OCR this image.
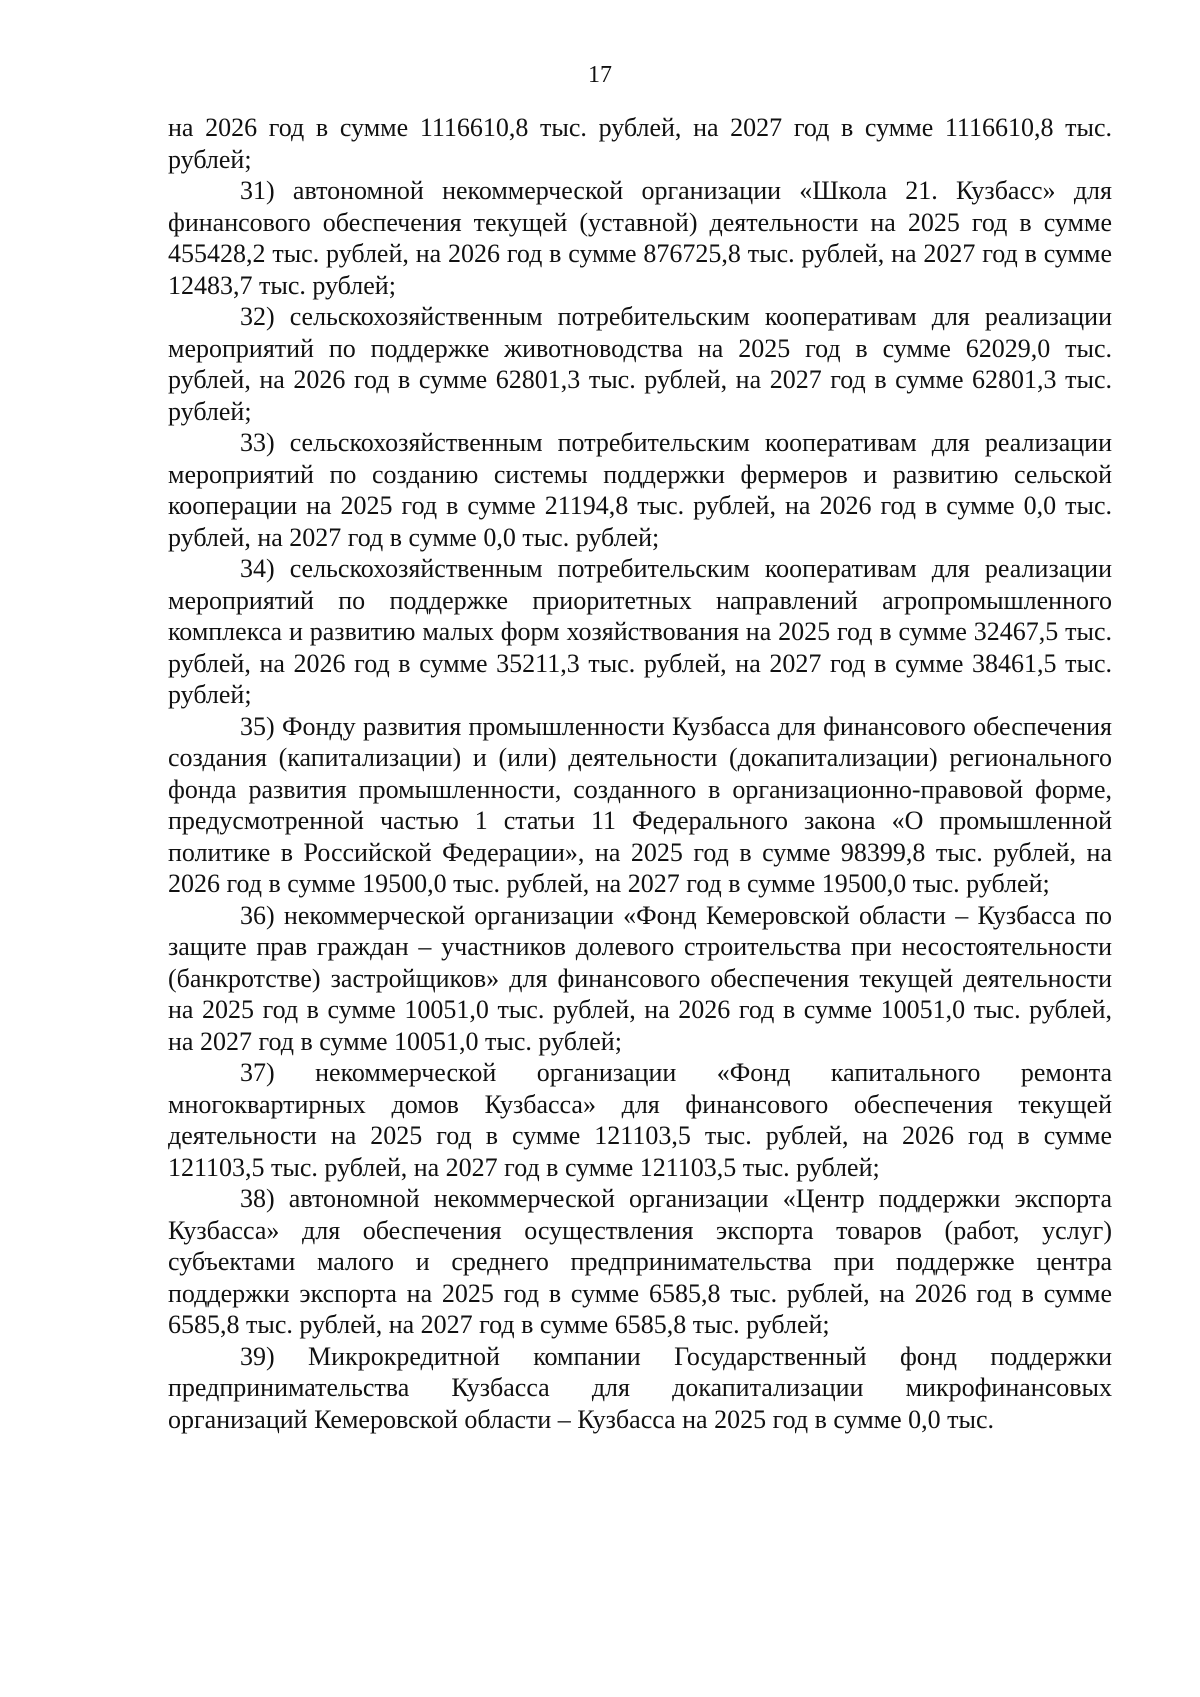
17

на 2026 год в сумме 1116610,8 тыс. рублей, на 2027 год в сумме 1116610,8 тыс. рублей;

31) автономной некоммерческой организации «Школа 21. Кузбасс» для финансового обеспечения текущей (уставной) деятельности на 2025 год в сумме 455428,2 тыс. рублей, на 2026 год в сумме 876725,8 тыс. рублей, на 2027 год в сумме 12483,7 тыс. рублей;

32) сельскохозяйственным потребительским кооперативам для реализации мероприятий по поддержке животноводства на 2025 год в сумме 62029,0 тыс. рублей, на 2026 год в сумме 62801,3 тыс. рублей, на 2027 год в сумме 62801,3 тыс. рублей;

33) сельскохозяйственным потребительским кооперативам для реализации мероприятий по созданию системы поддержки фермеров и развитию сельской кооперации на 2025 год в сумме 21194,8 тыс. рублей, на 2026 год в сумме 0,0 тыс. рублей, на 2027 год в сумме 0,0 тыс. рублей;

34) сельскохозяйственным потребительским кооперативам для реализации мероприятий по поддержке приоритетных направлений агропромышленного комплекса и развитию малых форм хозяйствования на 2025 год в сумме 32467,5 тыс. рублей, на 2026 год в сумме 35211,3 тыс. рублей, на 2027 год в сумме 38461,5 тыс. рублей;

35) Фонду развития промышленности Кузбасса для финансового обеспечения создания (капитализации) и (или) деятельности (докапитализации) регионального фонда развития промышленности, созданного в организационно-правовой форме, предусмотренной частью 1 статьи 11 Федерального закона «О промышленной политике в Российской Федерации», на 2025 год в сумме 98399,8 тыс. рублей, на 2026 год в сумме 19500,0 тыс. рублей, на 2027 год в сумме 19500,0 тыс. рублей;

36) некоммерческой организации «Фонд Кемеровской области – Кузбасса по защите прав граждан – участников долевого строительства при несостоятельности (банкротстве) застройщиков» для финансового обеспечения текущей деятельности на 2025 год в сумме 10051,0 тыс. рублей, на 2026 год в сумме 10051,0 тыс. рублей, на 2027 год в сумме 10051,0 тыс. рублей;

37) некоммерческой организации «Фонд капитального ремонта многоквартирных домов Кузбасса» для финансового обеспечения текущей деятельности на 2025 год в сумме 121103,5 тыс. рублей, на 2026 год в сумме 121103,5 тыс. рублей, на 2027 год в сумме 121103,5 тыс. рублей;

38) автономной некоммерческой организации «Центр поддержки экспорта Кузбасса» для обеспечения осуществления экспорта товаров (работ, услуг) субъектами малого и среднего предпринимательства при поддержке центра поддержки экспорта на 2025 год в сумме 6585,8 тыс. рублей, на 2026 год в сумме 6585,8 тыс. рублей, на 2027 год в сумме 6585,8 тыс. рублей;

39) Микрокредитной компании Государственный фонд поддержки предпринимательства Кузбасса для докапитализации микрофинансовых организаций Кемеровской области – Кузбасса на 2025 год в сумме 0,0 тыс.
